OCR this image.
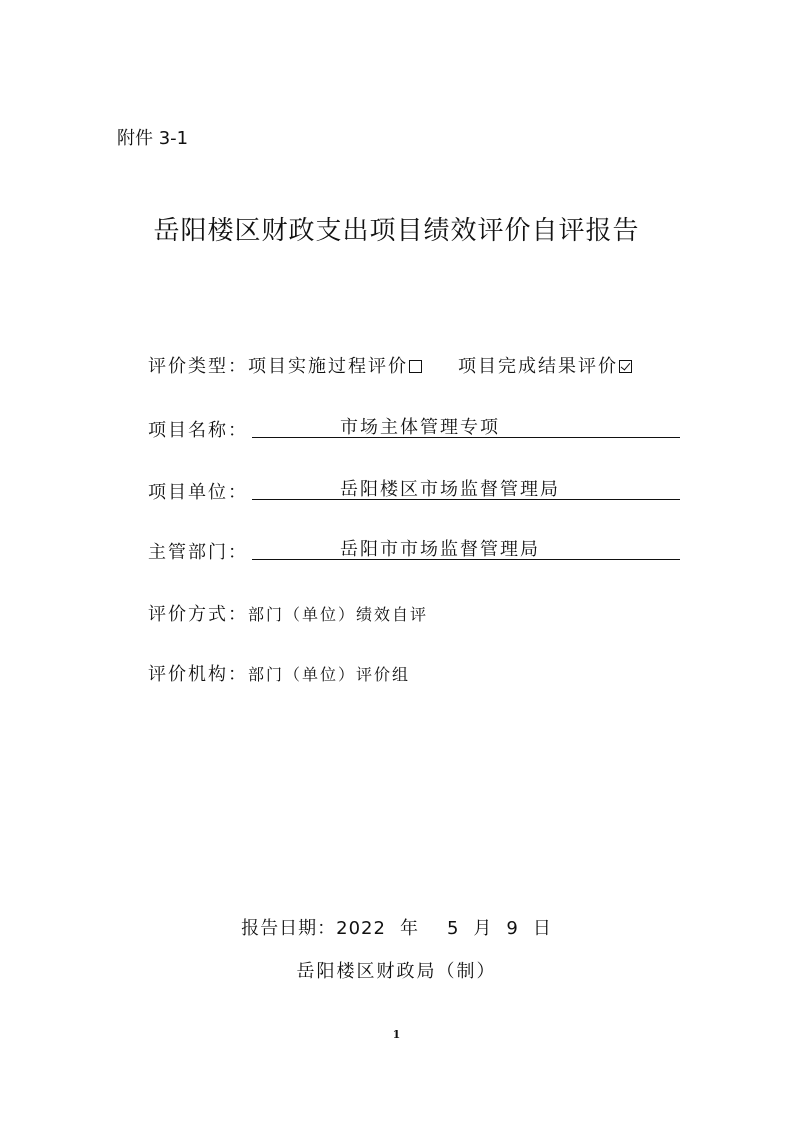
附件 3-1
岳阳楼区财政支出项目绩效评价自评报告
评价类型：项目实施过程评价	项目完成结果评价
项目名称：	市场主体管理专项
项目单位：	岳阳楼区市场监督管理局
主管部门：	岳阳市市场监督管理局
评价方式：部门（单位）绩效自评
评价机构：部门（单位）评价组
报告日期：2022 年 5 月 9 日
岳阳楼区财政局（制）
1
